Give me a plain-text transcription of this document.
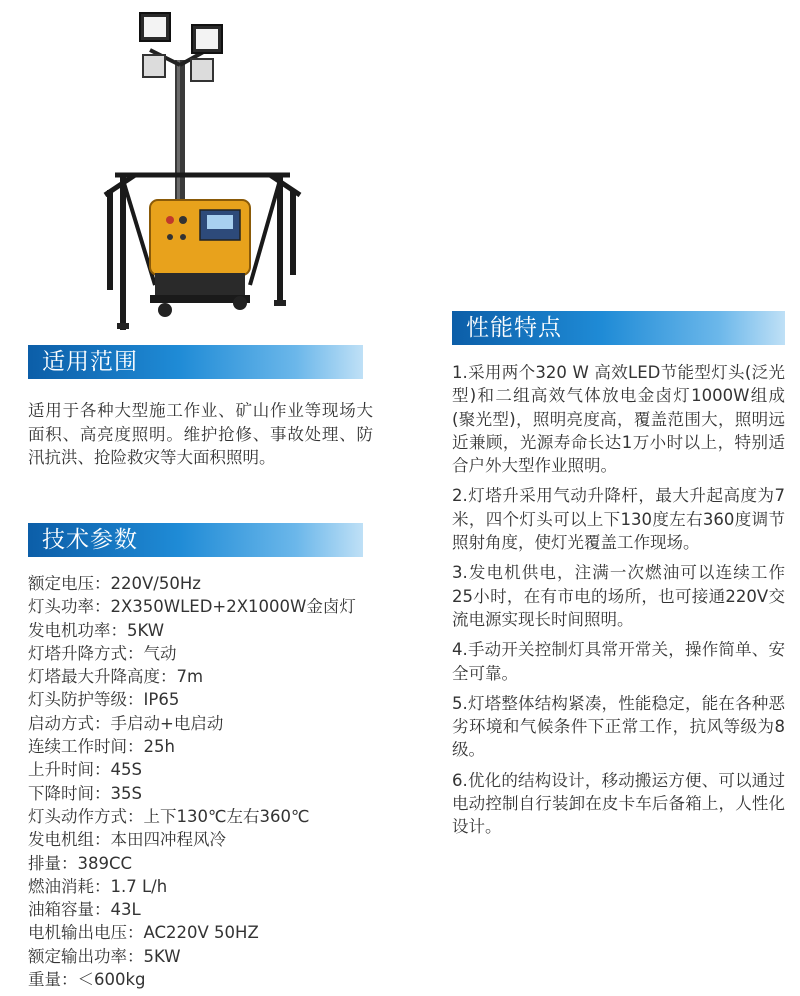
适用范围
适用于各种大型施工作业、矿山作业等现场大面积、高亮度照明。维护抢修、事故处理、防汛抗洪、抢险救灾等大面积照明。
技术参数
额定电压：220V/50Hz
灯头功率：2X350WLED+2X1000W金卤灯
发电机功率：5KW
灯塔升降方式：气动
灯塔最大升降高度：7m
灯头防护等级：IP65
启动方式：手启动+电启动
连续工作时间：25h
上升时间：45S
下降时间：35S
灯头动作方式：上下130℃左右360℃
发电机组：本田四冲程风冷
排量：389CC
燃油消耗：1.7 L/h
油箱容量：43L
电机输出电压：AC220V 50HZ
额定输出功率：5KW
重量：＜600kg
性能特点
1.采用两个320 W 高效LED节能型灯头(泛光型)和二组高效气体放电金卤灯1000W组成(聚光型)，照明亮度高，覆盖范围大，照明远近兼顾，光源寿命长达1万小时以上，特别适合户外大型作业照明。
2.灯塔升采用气动升降杆，最大升起高度为7米，四个灯头可以上下130度左右360度调节照射角度，使灯光覆盖工作现场。
3.发电机供电，注满一次燃油可以连续工作25小时，在有市电的场所，也可接通220V交流电源实现长时间照明。
4.手动开关控制灯具常开常关，操作简单、安全可靠。
5.灯塔整体结构紧凑，性能稳定，能在各种恶劣环境和气候条件下正常工作，抗风等级为8级。
6.优化的结构设计，移动搬运方便、可以通过电动控制自行装卸在皮卡车后备箱上，人性化设计。
